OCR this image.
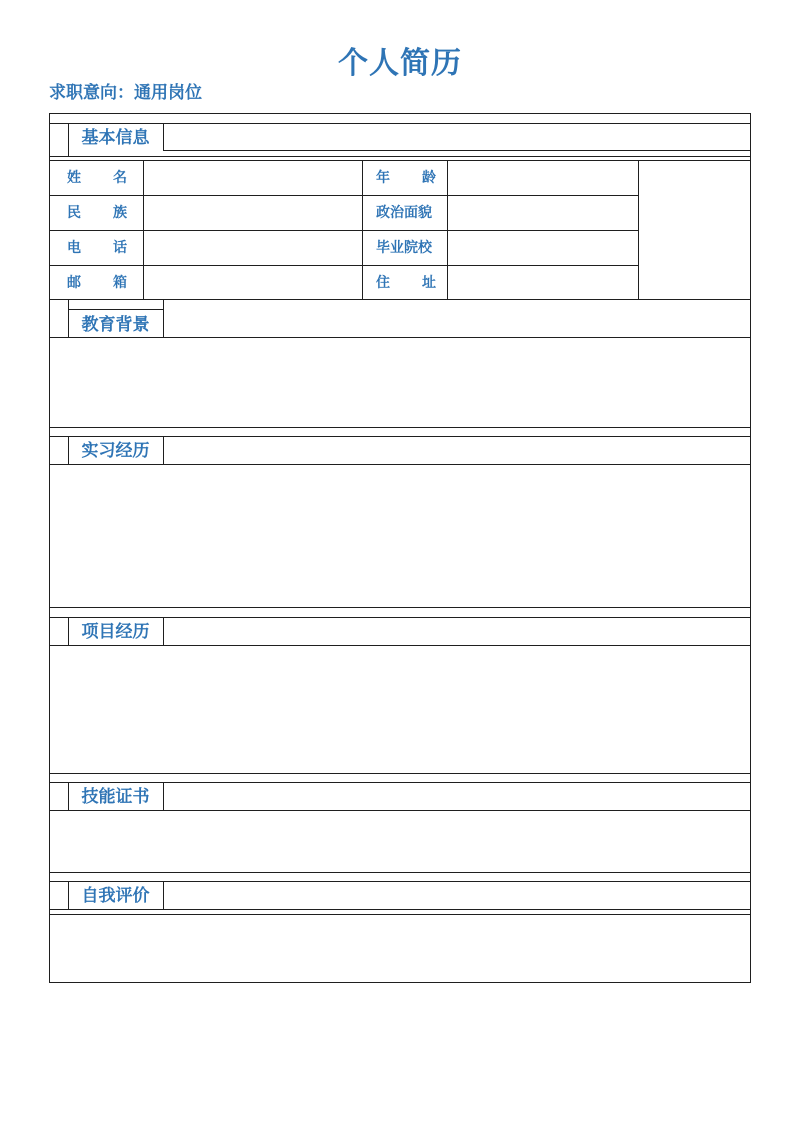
个人简历
求职意向：通用岗位
基本信息
姓 名
民 族
电 话
邮 箱
年 龄
政治面貌
毕业院校
住 址
教育背景
实习经历
项目经历
技能证书
自我评价
